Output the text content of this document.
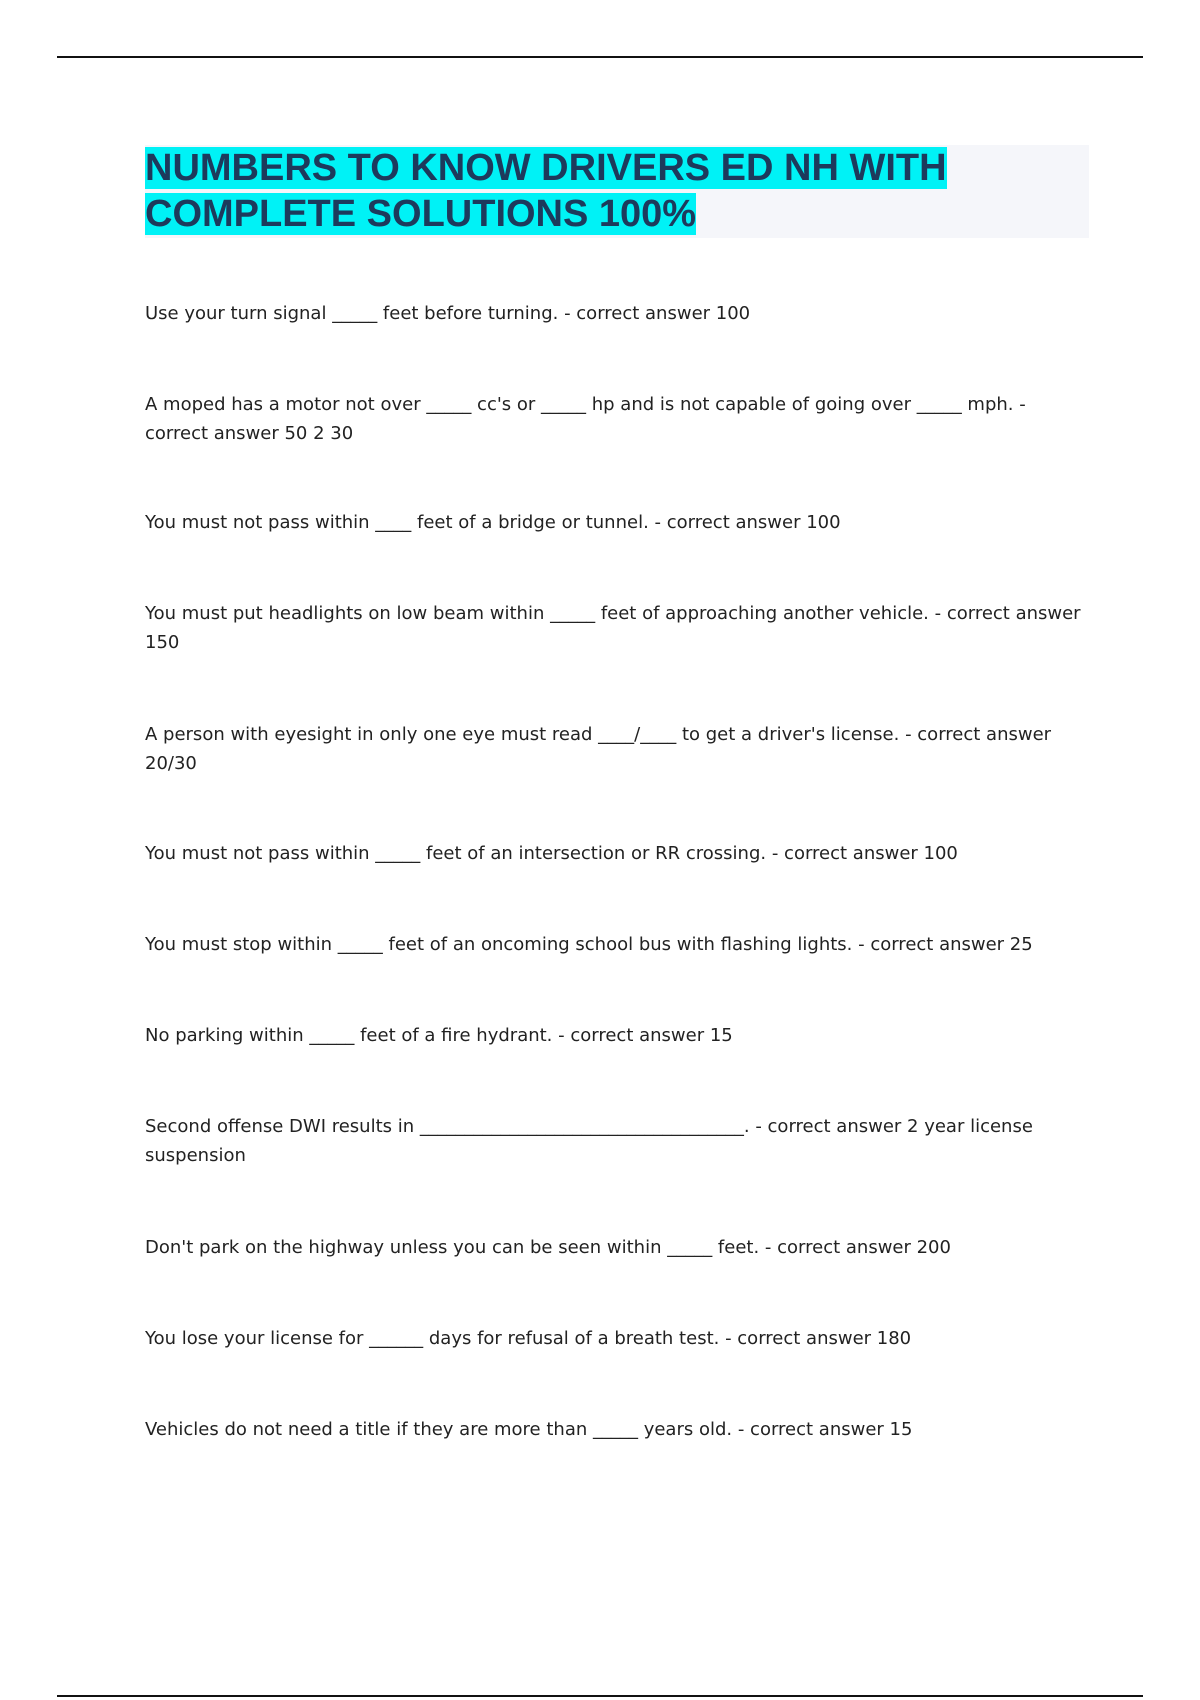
NUMBERS TO KNOW DRIVERS ED NH WITH COMPLETE SOLUTIONS 100%

Use your turn signal _____ feet before turning. - correct answer 100

A moped has a motor not over _____ cc's or _____ hp and is not capable of going over _____ mph. - correct answer 50 2 30

You must not pass within ____ feet of a bridge or tunnel. - correct answer 100

You must put headlights on low beam within _____ feet of approaching another vehicle. - correct answer 150

A person with eyesight in only one eye must read ____/____ to get a driver's license. - correct answer 20/30

You must not pass within _____ feet of an intersection or RR crossing. - correct answer 100

You must stop within _____ feet of an oncoming school bus with flashing lights. - correct answer 25

No parking within _____ feet of a fire hydrant. - correct answer 15

Second offense DWI results in ____________________________________. - correct answer 2 year license suspension

Don't park on the highway unless you can be seen within _____ feet. - correct answer 200

You lose your license for ______ days for refusal of a breath test. - correct answer 180

Vehicles do not need a title if they are more than _____ years old. - correct answer 15
